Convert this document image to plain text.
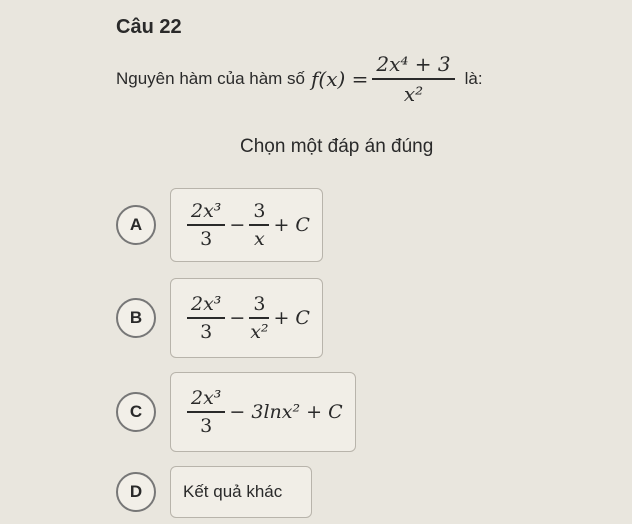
Câu 22
Nguyên hàm của hàm số $f(x) = \frac{\text{2x⁴ + 3}}{\text{x²}}$ là:
Chọn một đáp án đúng
A	$\frac{\text{2x³}}{3} - \frac{3}{x} + C$
B	$\frac{\text{2x³}}{3} - \frac{3}{\text{x²}} + C$
C	$\frac{\text{2x³}}{3} - 3\ln x^2 + C$
D	Kết quả khác
